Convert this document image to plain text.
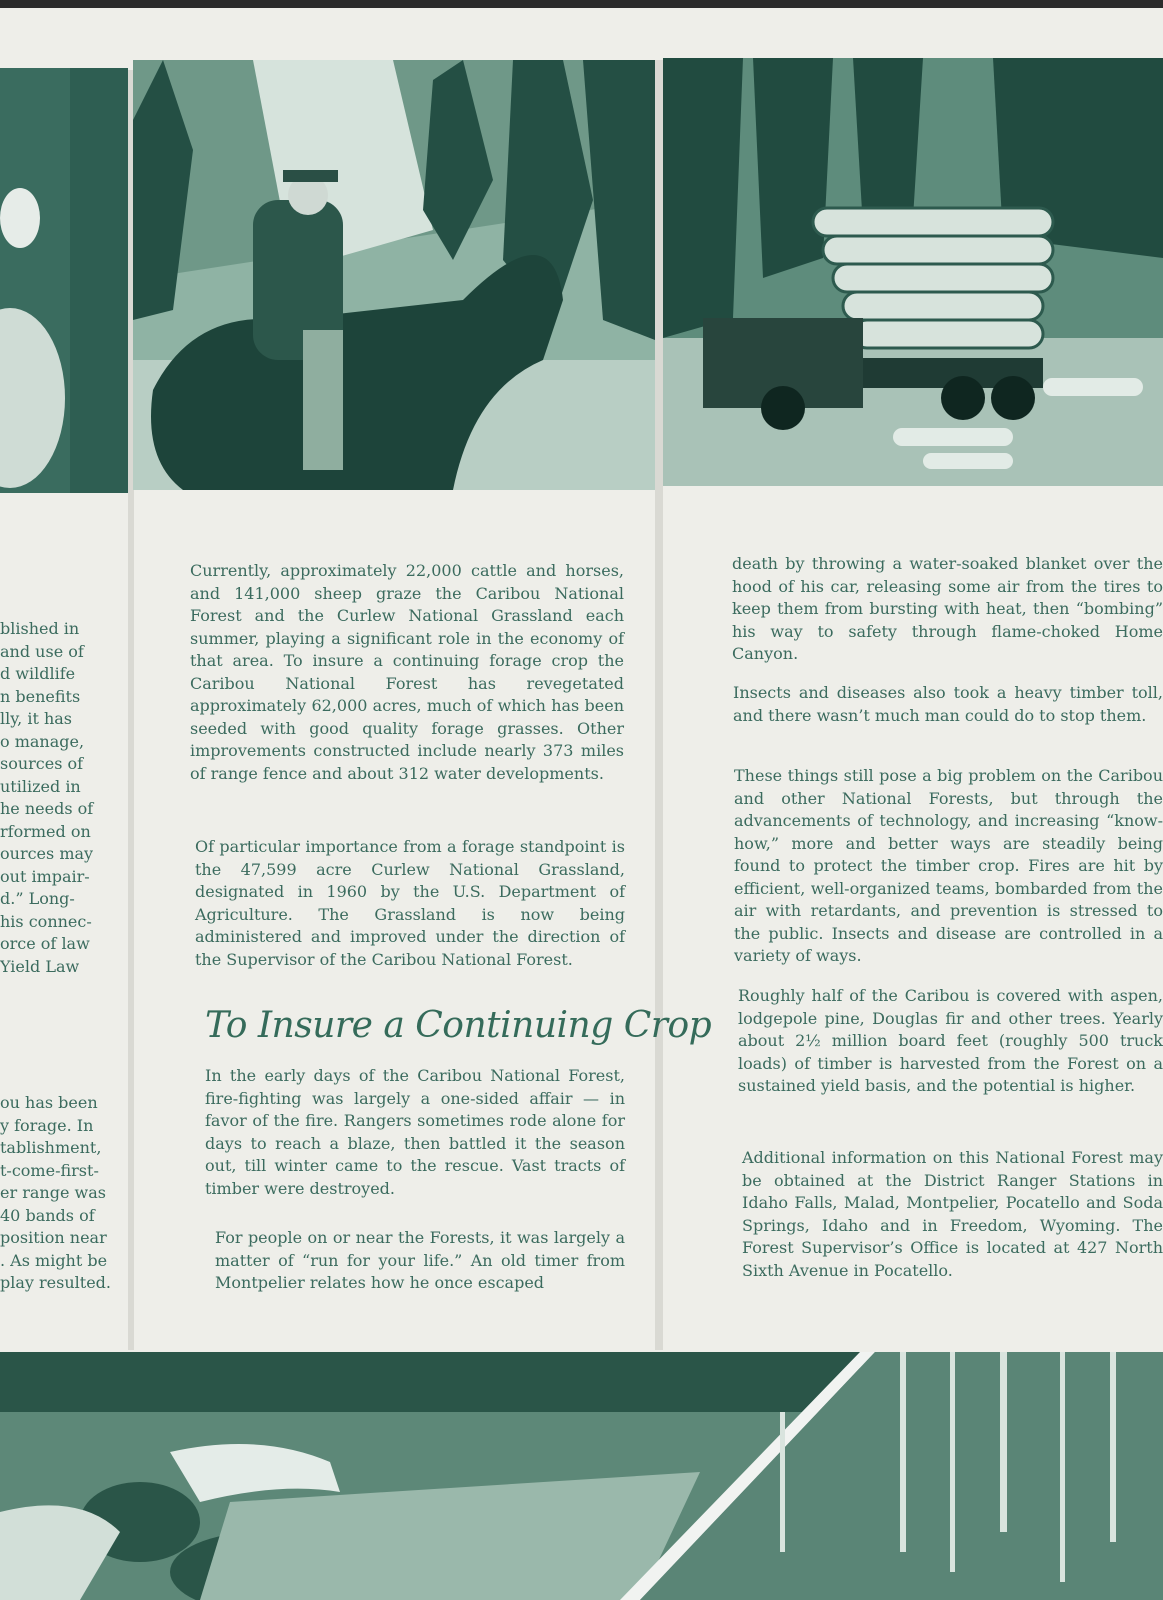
blished in
and use of
d wildlife
n benefits
lly, it has
o manage,
sources of
utilized in
he needs of
rformed on
ources may
out impair-
d.” Long-
his connec-
orce of law
Yield Law
ou has been
y forage. In
tablishment,
t-come-first-
er range was
40 bands of
position near
. As might be
play resulted.

Currently, approximately 22,000 cattle and horses, and 141,000 sheep graze the Caribou National Forest and the Curlew National Grassland each summer, playing a significant role in the economy of that area. To insure a continuing forage crop the Caribou National Forest has revegetated approximately 62,000 acres, much of which has been seeded with good quality forage grasses. Other improvements constructed include nearly 373 miles of range fence and about 312 water developments.

Of particular importance from a forage standpoint is the 47,599 acre Curlew National Grassland, designated in 1960 by the U.S. Department of Agriculture. The Grassland is now being administered and improved under the direction of the Supervisor of the Caribou National Forest.

To Insure a Continuing Crop

In the early days of the Caribou National Forest, fire-fighting was largely a one-sided affair — in favor of the fire. Rangers sometimes rode alone for days to reach a blaze, then battled it the season out, till winter came to the rescue. Vast tracts of timber were destroyed.

For people on or near the Forests, it was largely a matter of “run for your life.” An old timer from Montpelier relates how he once escaped

death by throwing a water-soaked blanket over the hood of his car, releasing some air from the tires to keep them from bursting with heat, then “bombing” his way to safety through flame-choked Home Canyon.

Insects and diseases also took a heavy timber toll, and there wasn’t much man could do to stop them.

These things still pose a big problem on the Caribou and other National Forests, but through the advancements of technology, and increasing “know-how,” more and better ways are steadily being found to protect the timber crop. Fires are hit by efficient, well-organized teams, bombarded from the air with retardants, and prevention is stressed to the public. Insects and disease are controlled in a variety of ways.

Roughly half of the Caribou is covered with aspen, lodgepole pine, Douglas fir and other trees. Yearly about 2½ million board feet (roughly 500 truck loads) of timber is harvested from the Forest on a sustained yield basis, and the potential is higher.

Additional information on this National Forest may be obtained at the District Ranger Stations in Idaho Falls, Malad, Montpelier, Pocatello and Soda Springs, Idaho and in Freedom, Wyoming. The Forest Supervisor’s Office is located at 427 North Sixth Avenue in Pocatello.
